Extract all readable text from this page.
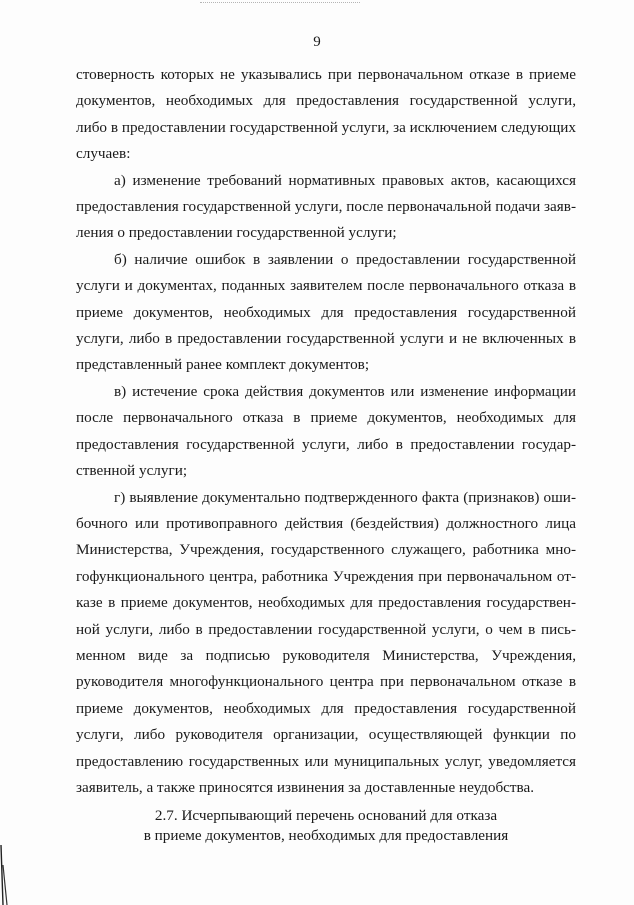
9

стоверность которых не указывались при первоначальном отказе в приеме документов, необходимых для предоставления государственной услуги, либо в предоставлении государственной услуги, за исключением следующих случаев:

а) изменение требований нормативных правовых актов, касающихся предоставления государственной услуги, после первоначальной подачи заявления о предоставлении государственной услуги;

б) наличие ошибок в заявлении о предоставлении государственной услуги и документах, поданных заявителем после первоначального отказа в приеме документов, необходимых для предоставления государственной услуги, либо в предоставлении государственной услуги и не включенных в представленный ранее комплект документов;

в) истечение срока действия документов или изменение информации после первоначального отказа в приеме документов, необходимых для предоставления государственной услуги, либо в предоставлении государственной услуги;

г) выявление документально подтвержденного факта (признаков) ошибочного или противоправного действия (бездействия) должностного лица Министерства, Учреждения, государственного служащего, работника многофункционального центра, работника Учреждения при первоначальном отказе в приеме документов, необходимых для предоставления государственной услуги, либо в предоставлении государственной услуги, о чем в письменном виде за подписью руководителя Министерства, Учреждения, руководителя многофункционального центра при первоначальном отказе в приеме документов, необходимых для предоставления государственной услуги, либо руководителя организации, осуществляющей функции по предоставлению государственных или муниципальных услуг, уведомляется заявитель, а также приносятся извинения за доставленные неудобства.

2.7. Исчерпывающий перечень оснований для отказа
в приеме документов, необходимых для предоставления
